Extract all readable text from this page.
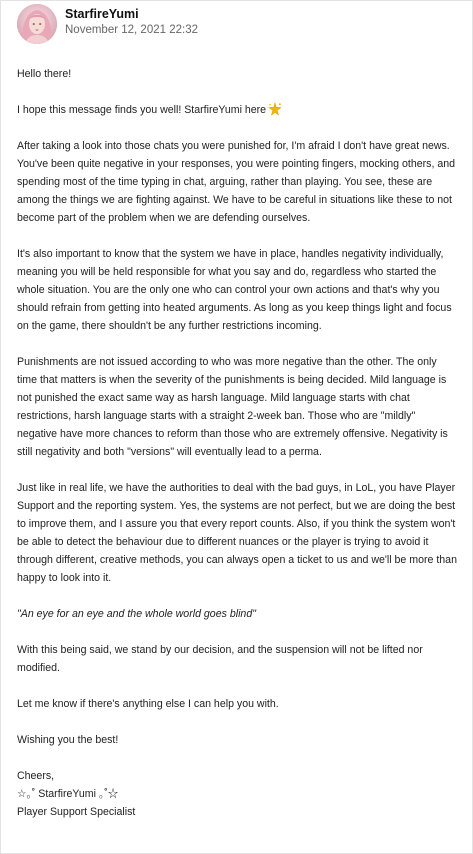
StarfireYumi
November 12, 2021 22:32

Hello there!

I hope this message finds you well! StarfireYumi here

After taking a look into those chats you were punished for, I'm afraid I don't have great news. You've been quite negative in your responses, you were pointing fingers, mocking others, and spending most of the time typing in chat, arguing, rather than playing. You see, these are among the things we are fighting against. We have to be careful in situations like these to not become part of the problem when we are defending ourselves.

It's also important to know that the system we have in place, handles negativity individually, meaning you will be held responsible for what you say and do, regardless who started the whole situation. You are the only one who can control your own actions and that's why you should refrain from getting into heated arguments. As long as you keep things light and focus on the game, there shouldn't be any further restrictions incoming.

Punishments are not issued according to who was more negative than the other. The only time that matters is when the severity of the punishments is being decided. Mild language is not punished the exact same way as harsh language. Mild language starts with chat restrictions, harsh language starts with a straight 2-week ban. Those who are "mildly" negative have more chances to reform than those who are extremely offensive. Negativity is still negativity and both "versions" will eventually lead to a perma.

Just like in real life, we have the authorities to deal with the bad guys, in LoL, you have Player Support and the reporting system. Yes, the systems are not perfect, but we are doing the best to improve them, and I assure you that every report counts. Also, if you think the system won't be able to detect the behaviour due to different nuances or the player is trying to avoid it through different, creative methods, you can always open a ticket to us and we'll be more than happy to look into it.

"An eye for an eye and the whole world goes blind"

With this being said, we stand by our decision, and the suspension will not be lifted nor modified.

Let me know if there's anything else I can help you with.

Wishing you the best!

Cheers,

☆｡˚ StarfireYumi ｡˚☆

Player Support Specialist
